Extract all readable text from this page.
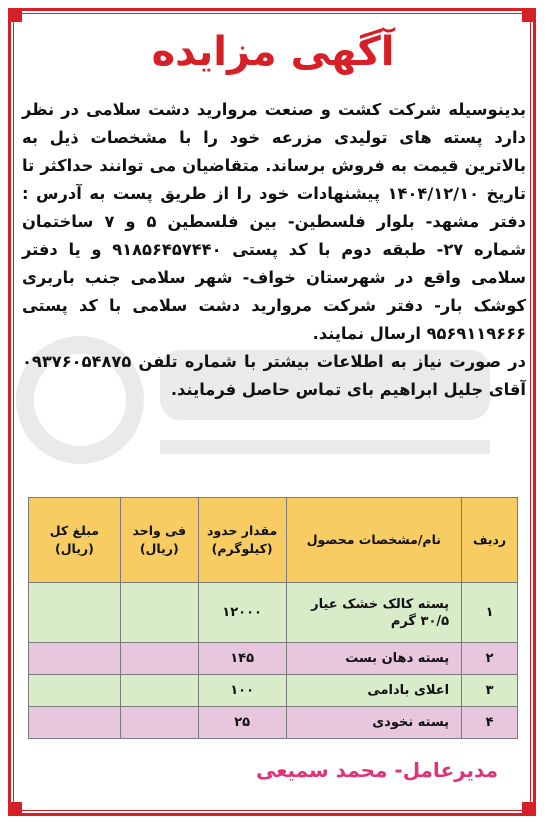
آگهی مزایده

بدینوسیله شرکت کشت و صنعت مروارید دشت سلامی در نظر دارد پسته های تولیدی مزرعه خود را با مشخصات ذیل به بالاترین قیمت به فروش برساند. متقاضیان می توانند حداکثر تا تاریخ ۱۴۰۴/۱۲/۱۰ پیشنهادات خود را از طریق پست به آدرس : دفتر مشهد- بلوار فلسطین- بین فلسطین ۵ و ۷ ساختمان شماره ۲۷- طبقه دوم با کد پستی ۹۱۸۵۶۴۵۷۴۴۰ و یا دفتر سلامی واقع در شهرستان خواف- شهر سلامی جنب باربری کوشک بار- دفتر شرکت مروارید دشت سلامی با کد پستی ۹۵۶۹۱۱۹۶۶۶ ارسال نمایند.

در صورت نیاز به اطلاعات بیشتر با شماره تلفن ۰۹۳۷۶۰۵۴۸۷۵ آقای جلیل ابراهیم بای تماس حاصل فرمایند.

ردیف	نام/مشخصات محصول	مقدار حدود (کیلوگرم)	فی واحد (ریال)	مبلغ کل (ریال)
۱	پسته کالک خشک عیار ۳۰/۵ گرم	۱۲۰۰۰		
۲	پسته دهان بست	۱۴۵		
۳	اعلای بادامی	۱۰۰		
۴	پسته نخودی	۲۵		
مدیرعامل- محمد سمیعی
